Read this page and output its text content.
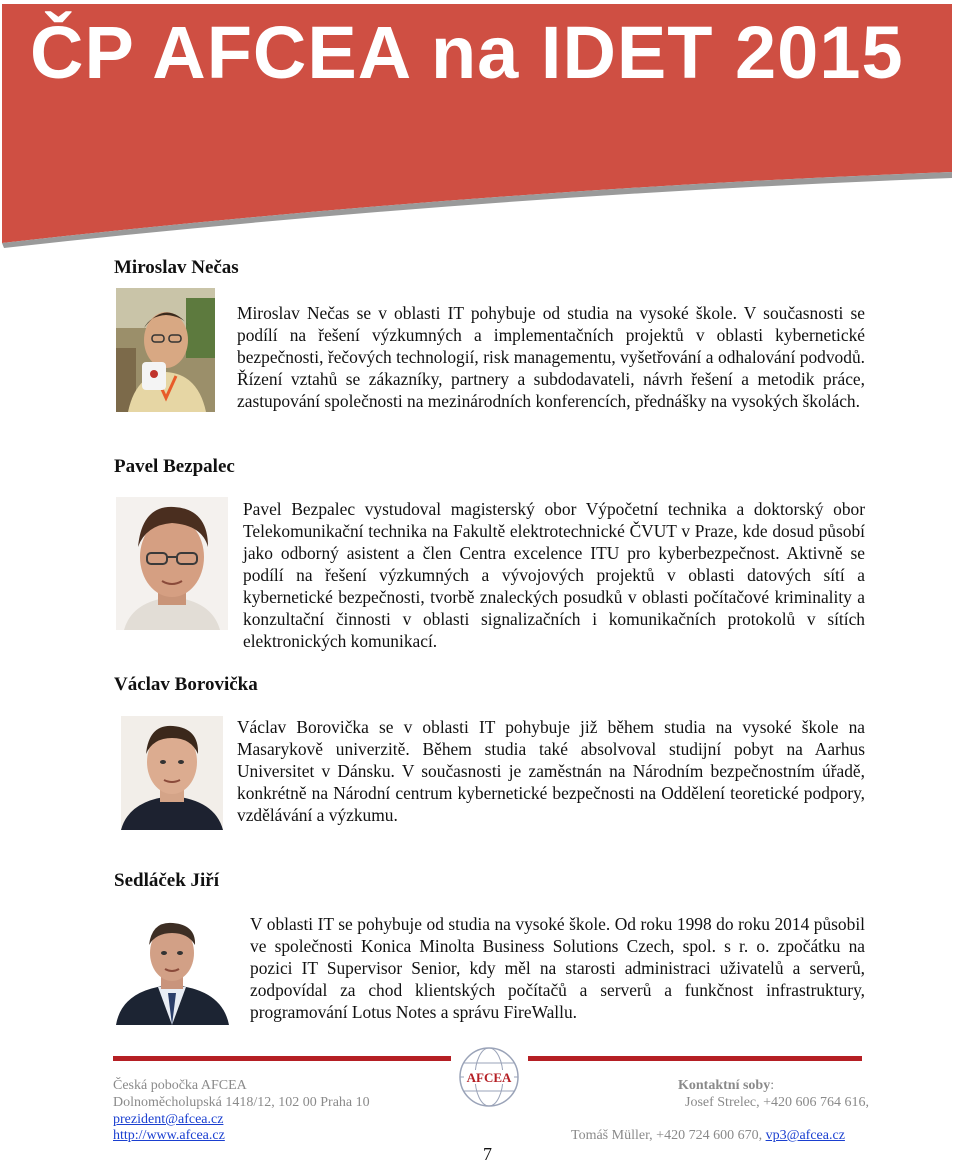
ČP AFCEA na IDET 2015
Miroslav Nečas
Miroslav Nečas se v oblasti IT pohybuje od studia na vysoké škole. V současnosti se podílí na řešení výzkumných a implementačních projektů v oblasti kybernetické bezpečnosti, řečových technologií, risk managementu, vyšetřování a odhalování podvodů. Řízení vztahů se zákazníky, partnery a subdodavateli, návrh řešení a metodik práce, zastupování společnosti na mezinárodních konferencích, přednášky na vysokých školách.
Pavel Bezpalec
Pavel Bezpalec vystudoval magisterský obor Výpočetní technika a doktorský obor Telekomunikační technika na Fakultě elektrotechnické ČVUT v Praze, kde dosud působí jako odborný asistent a člen Centra excelence ITU pro kyberbezpečnost. Aktivně se podílí na řešení výzkumných a vývojových projektů v oblasti datových sítí a kybernetické bezpečnosti, tvorbě znaleckých posudků v oblasti počítačové kriminality a konzultační činnosti v oblasti signalizačních i komunikačních protokolů v sítích elektronických komunikací.
Václav Borovička
Václav Borovička se v oblasti IT pohybuje již během studia na vysoké škole na Masarykově univerzitě. Během studia také absolvoval studijní pobyt na Aarhus Universitet v Dánsku. V současnosti je zaměstnán na Národním bezpečnostním úřadě, konkrétně na Národní centrum kybernetické bezpečnosti na Oddělení teoretické podpory, vzdělávání a výzkumu.
Sedláček Jiří
V oblasti IT se pohybuje od studia na vysoké škole. Od roku 1998 do roku 2014 působil ve společnosti Konica Minolta Business Solutions Czech, spol. s r. o. zpočátku na pozici IT Supervisor Senior, kdy měl na starosti administraci uživatelů a serverů, zodpovídal za chod klientských počítačů a serverů a funkčnost infrastruktury, programování Lotus Notes a správu FireWallu.
AFCEA
Česká pobočka AFCEA
Dolnoměcholupská 1418/12, 102 00 Praha 10
prezident@afcea.cz
http://www.afcea.cz
Kontaktní soby:
Josef Strelec, +420 606 764 616,
Tomáš Müller, +420 724 600 670, vp3@afcea.cz
7
